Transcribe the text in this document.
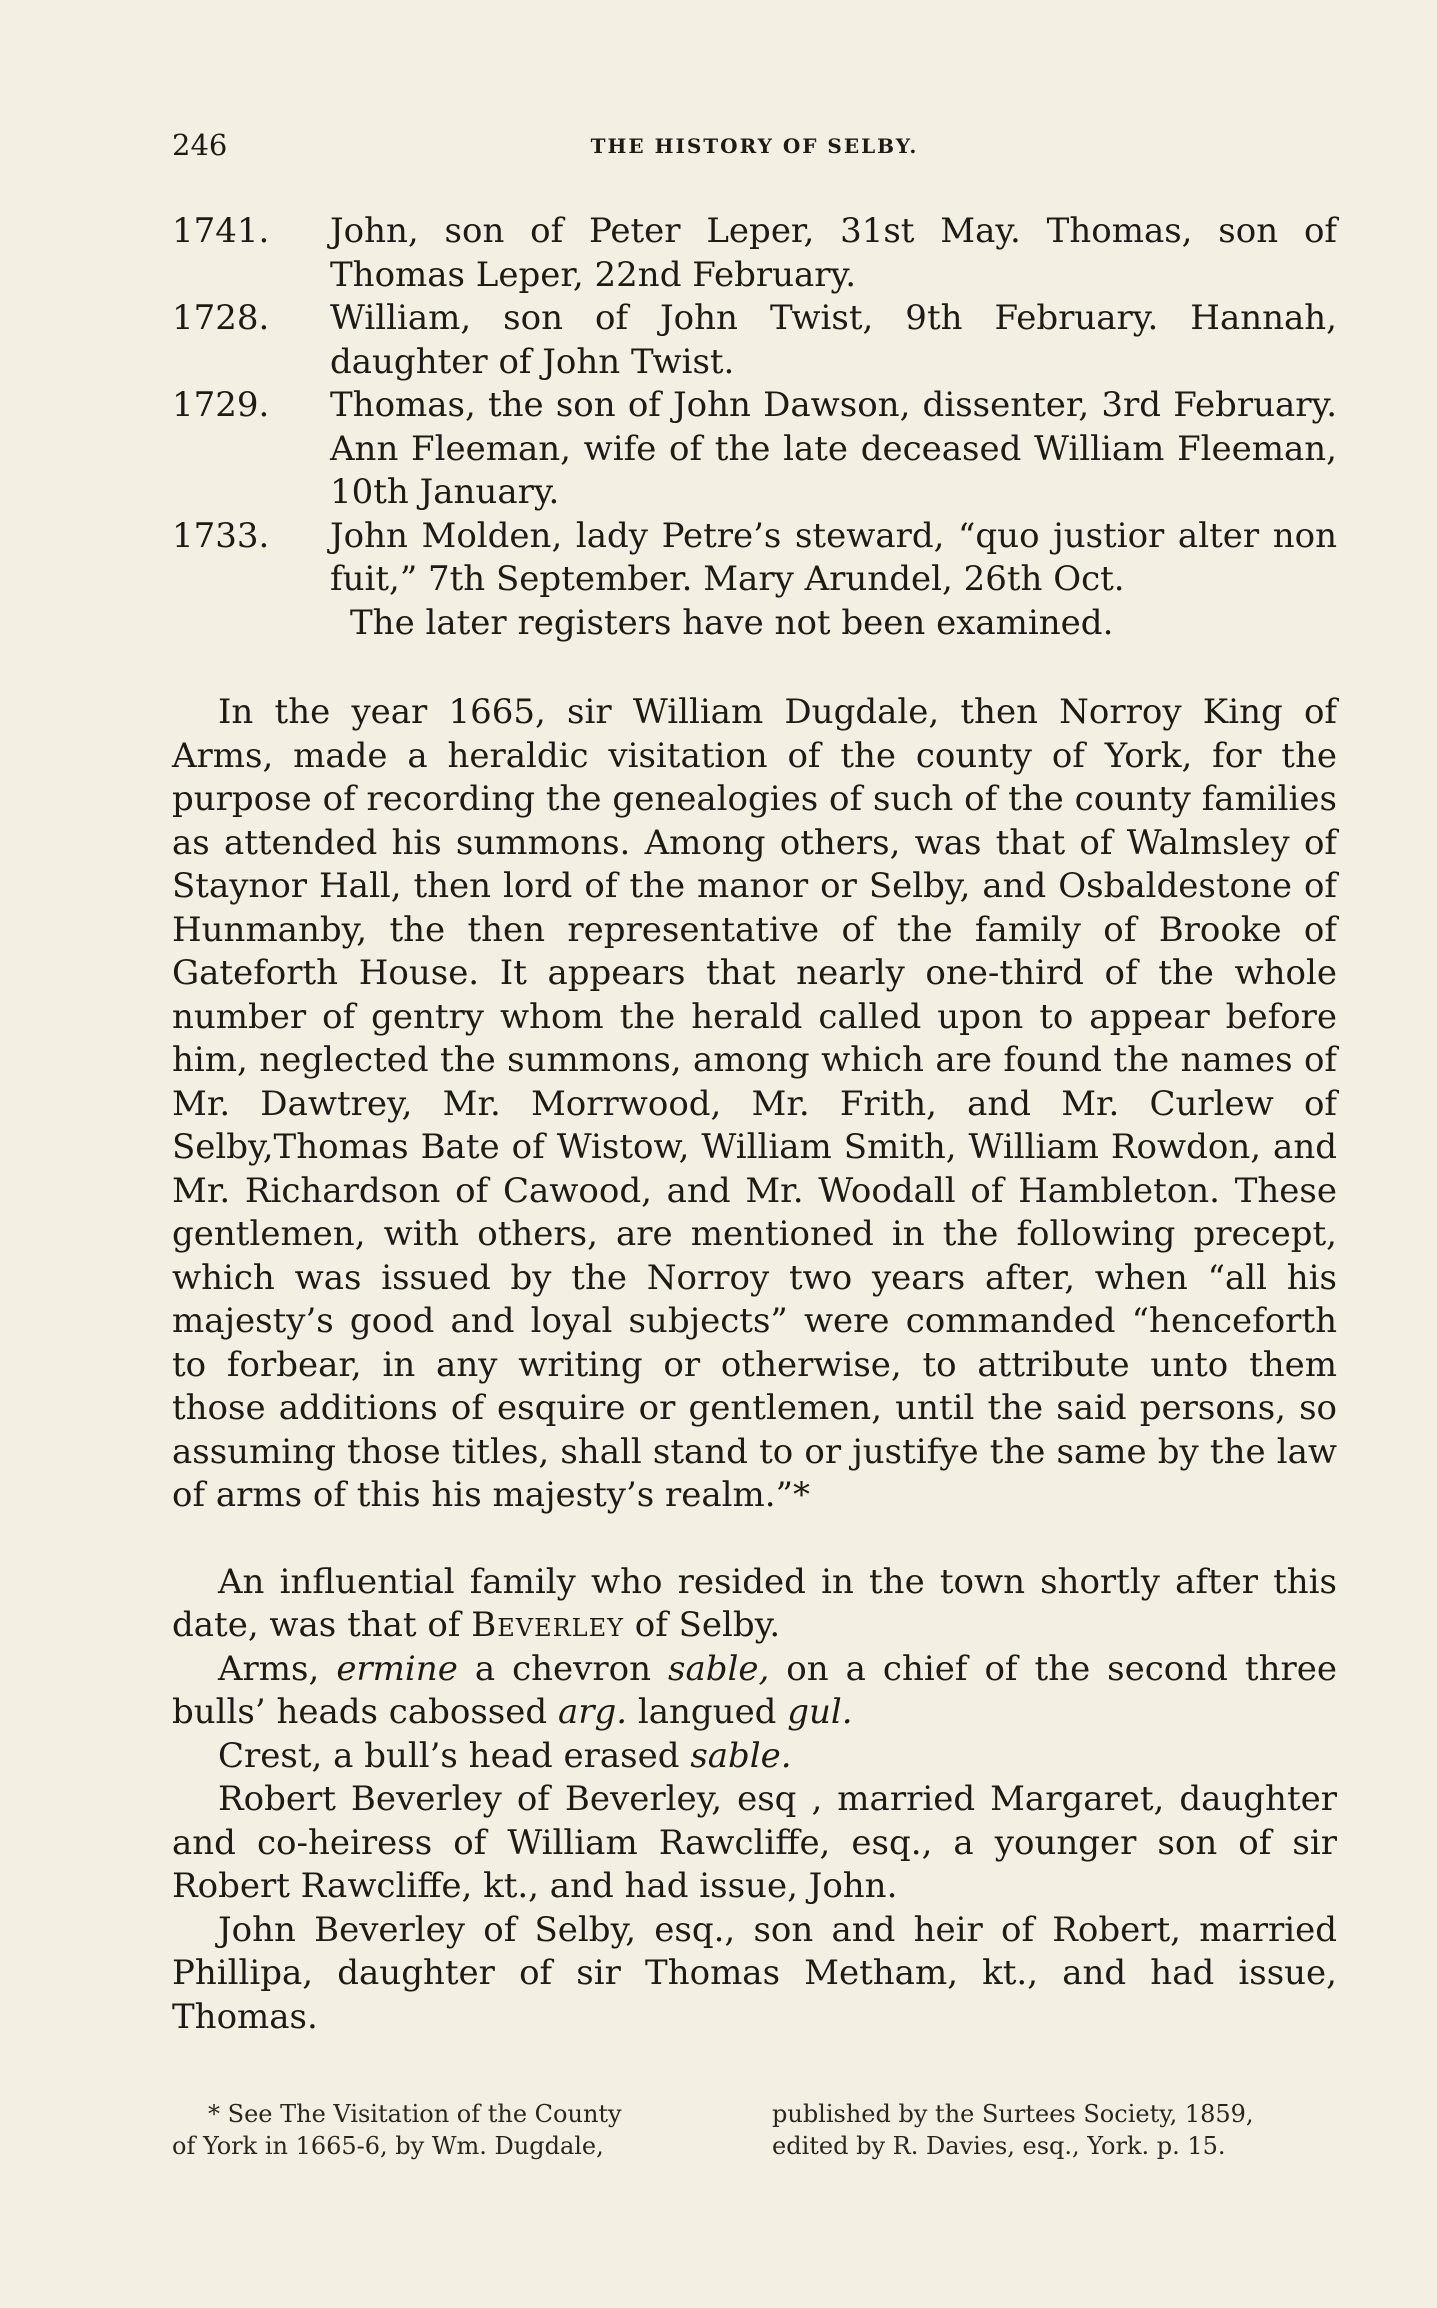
246	THE HISTORY OF SELBY.
1741. John, son of Peter Leper, 31st May. Thomas, son of Thomas Leper, 22nd February.
1728. William, son of John Twist, 9th February. Hannah, daughter of John Twist.
1729. Thomas, the son of John Dawson, dissenter, 3rd February. Ann Fleeman, wife of the late deceased William Fleeman, 10th January.
1733. John Molden, lady Petre’s steward, “quo justior alter non fuit,” 7th September. Mary Arundel, 26th Oct.
The later registers have not been examined.

In the year 1665, sir William Dugdale, then Norroy King of Arms, made a heraldic visitation of the county of York, for the purpose of recording the genealogies of such of the county families as attended his summons. Among others, was that of Walmsley of Staynor Hall, then lord of the manor or Selby, and Osbaldestone of Hunmanby, the then representative of the family of Brooke of Gateforth House. It appears that nearly one-third of the whole number of gentry whom the herald called upon to appear before him, neglected the summons, among which are found the names of Mr. Dawtrey, Mr. Morrwood, Mr. Frith, and Mr. Curlew of Selby,Thomas Bate of Wistow, William Smith, William Rowdon, and Mr. Richardson of Cawood, and Mr. Woodall of Hambleton. These gentlemen, with others, are mentioned in the following precept, which was issued by the Norroy two years after, when “all his majesty’s good and loyal subjects” were commanded “henceforth to forbear, in any writing or otherwise, to attribute unto them those additions of esquire or gentlemen, until the said persons, so assuming those titles, shall stand to or justifye the same by the law of arms of this his majesty’s realm.”*

An influential family who resided in the town shortly after this date, was that of Beverley of Selby.

Arms, ermine a chevron sable, on a chief of the second three bulls’ heads cabossed arg. langued gul.

Crest, a bull’s head erased sable.

Robert Beverley of Beverley, esq , married Margaret, daughter and co-heiress of William Rawcliffe, esq., a younger son of sir Robert Rawcliffe, kt., and had issue, John.

John Beverley of Selby, esq., son and heir of Robert, married Phillipa, daughter of sir Thomas Metham, kt., and had issue, Thomas.

* See The Visitation of the County
of York in 1665-6, by Wm. Dugdale,
published by the Surtees Society, 1859,
edited by R. Davies, esq., York. p. 15.
